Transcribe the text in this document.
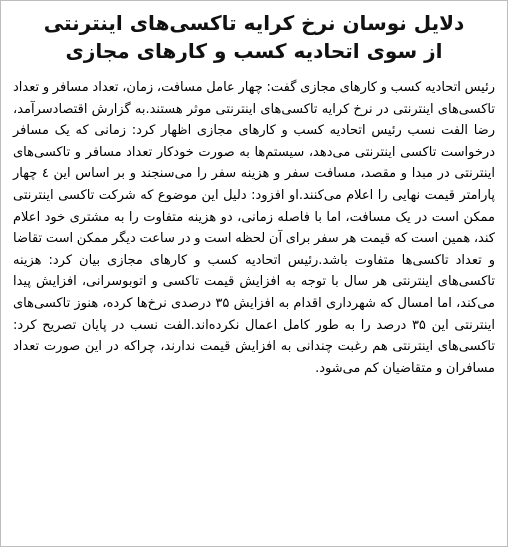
دلایل نوسان نرخ کرایه تاکسی‌های اینترنتی
از سوی اتحادیه کسب و کارهای مجازی

رئیس اتحادیه کسب و کارهای مجازی گفت: چهار عامل مسافت، زمان، تعداد مسافر و تعداد تاکسی‌های اینترنتی در نرخ کرایه تاکسی‌های اینترنتی موثر هستند.به گزارش اقتصادسرآمد، رضا الفت نسب رئیس اتحادیه کسب و کارهای مجازی اظهار کرد: زمانی که یک مسافر درخواست تاکسی اینترنتی می‌دهد، سیستم‌ها به صورت خودکار تعداد مسافر و تاکسی‌های اینترنتی در مبدا و مقصد، مسافت سفر و هزینه سفر را می‌سنجند و بر اساس این ٤ چهار پارامتر قیمت نهایی را اعلام می‌کنند.او افزود: دلیل این موضوع که شرکت تاکسی اینترنتی ممکن است در یک مسافت، اما با فاصله زمانی، دو هزینه متفاوت را به مشتری خود اعلام کند، همین است که قیمت هر سفر برای آن لحظه است و در ساعت دیگر ممکن است تقاضا و تعداد تاکسی‌ها متفاوت باشد.رئیس اتحادیه کسب و کارهای مجازی بیان کرد: هزینه تاکسی‌های اینترنتی هر سال با توجه به افزایش قیمت تاکسی و اتوبوسرانی، افزایش پیدا می‌کند، اما امسال که شهرداری اقدام به افزایش ۳۵ درصدی نرخ‌ها کرده، هنوز تاکسی‌های اینترنتی این ۳۵ درصد را به طور کامل اعمال نکرده‌اند.الفت نسب در پایان تصریح کرد: تاکسی‌های اینترنتی هم رغبت چندانی به افزایش قیمت ندارند، چراکه در این صورت تعداد مسافران و متقاضیان کم می‌شود.
